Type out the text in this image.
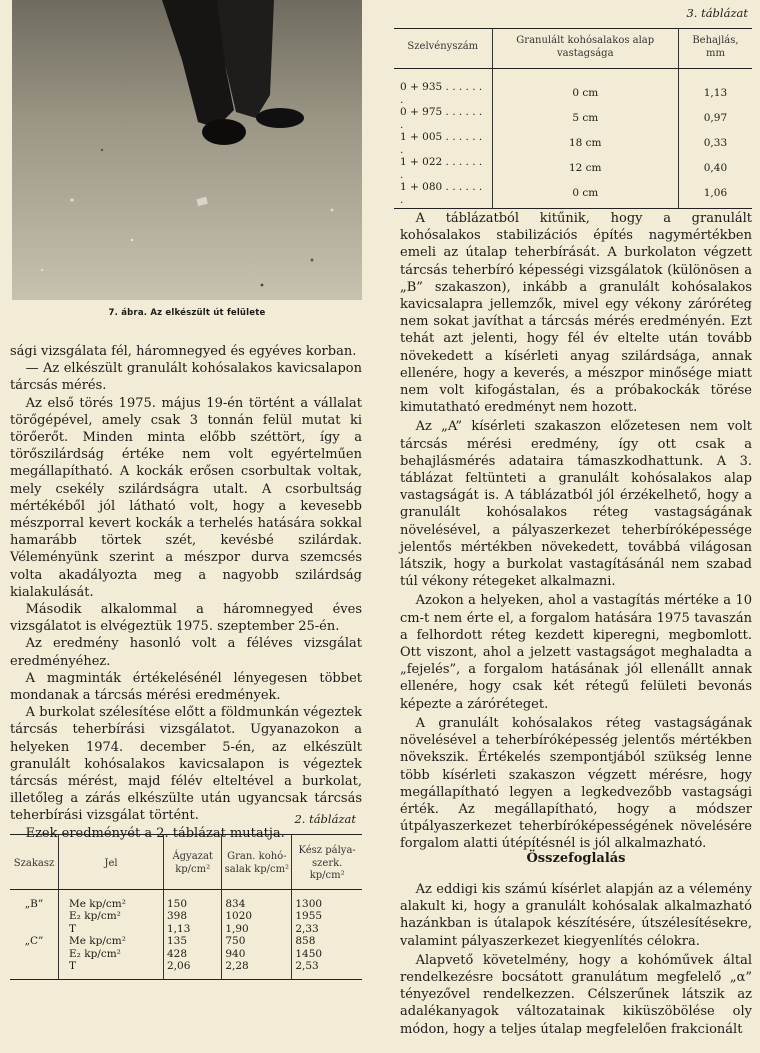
7. ábra. Az elkészült út felülete

sági vizsgálata fél, háromnegyed és egyéves korban.

— Az elkészült granulált kohósalakos kavicsalapon tárcsás mérés.

Az első törés 1975. május 19-én történt a vállalat törőgépével, amely csak 3 tonnán felül mutat ki törőerőt. Minden minta előbb széttört, így a törőszilárdság értéke nem volt egyértelműen megállapítható. A kockák erősen csorbultak voltak, mely csekély szilárdságra utalt. A csorbultság mértékéből jól látható volt, hogy a kevesebb mészporral kevert kockák a terhelés hatására sokkal hamarább törtek szét, kevésbé szilárdak. Véleményünk szerint a mészpor durva szemcsés volta akadályozta meg a nagyobb szilárdság kialakulását.

Második alkalommal a háromnegyed éves vizsgálatot is elvégeztük 1975. szeptember 25-én.

Az eredmény hasonló volt a féléves vizsgálat eredményéhez.

A magminták értékelésénél lényegesen többet mondanak a tárcsás mérési eredmények.

A burkolat szélesítése előtt a földmunkán végeztek tárcsás teherbírási vizsgálatot. Ugyanazokon a helyeken 1974. december 5-én, az elkészült granulált kohósalakos kavicsalapon is végeztek tárcsás mérést, majd félév elteltével a burkolat, illetőleg a zárás elkészülte után ugyancsak tárcsás teherbírási vizsgálat történt.

Ezek eredményét a 2. táblázat mutatja.

2. táblázat
Szakasz	Jel	Ágyazat kp/cm²	Gran. kohó-salak kp/cm²	Kész pálya-szerk. kp/cm²
„B”	Me kp/cm²	150	834	1300
	E₂ kp/cm²	398	1020	1955
	T	1,13	1,90	2,33
„C”	Me kp/cm²	135	750	858
	E₂ kp/cm²	428	940	1450
	T	2,06	2,28	2,53
3. táblázat
Szelvényszám	Granulált kohósalakos alap vastagsága	Behajlás, mm
0 + 935 . . . . . . .	0 cm	1,13
0 + 975 . . . . . . .	5 cm	0,97
1 + 005 . . . . . . .	18 cm	0,33
1 + 022 . . . . . . .	12 cm	0,40
1 + 080 . . . . . . .	0 cm	1,06

A táblázatból kitűnik, hogy a granulált kohósalakos stabilizációs építés nagymértékben emeli az útalap teherbírását. A burkolaton végzett tárcsás teherbíró képességi vizsgálatok (különösen a „B” szakaszon), inkább a granulált kohósalakos kavicsalapra jellemzők, mivel egy vékony záróréteg nem sokat javíthat a tárcsás mérés eredményén. Ezt tehát azt jelenti, hogy fél év eltelte után tovább növekedett a kísérleti anyag szilárdsága, annak ellenére, hogy a keverés, a mészpor minősége miatt nem volt kifogástalan, és a próbakockák törése kimutatható eredményt nem hozott.

Az „A” kísérleti szakaszon előzetesen nem volt tárcsás mérési eredmény, így ott csak a behajlásmérés adataira támaszkodhattunk. A 3. táblázat feltünteti a granulált kohósalakos alap vastagságát is. A táblázatból jól érzékelhető, hogy a granulált kohósalakos réteg vastagságának növelésével, a pályaszerkezet teherbíróképessége jelentős mértékben növekedett, továbbá világosan látszik, hogy a burkolat vastagításánál nem szabad túl vékony rétegeket alkalmazni.

Azokon a helyeken, ahol a vastagítás mértéke a 10 cm-t nem érte el, a forgalom hatására 1975 tavaszán a felhordott réteg kezdett kiperegni, megbomlott. Ott viszont, ahol a jelzett vastagságot meghaladta a „fejelés”, a forgalom hatásának jól ellenállt annak ellenére, hogy csak két rétegű felületi bevonás képezte a záróréteget.

A granulált kohósalakos réteg vastagságának növelésével a teherbíróképesség jelentős mértékben növekszik. Értékelés szempontjából szükség lenne több kísérleti szakaszon végzett mérésre, hogy megállapítható legyen a legkedvezőbb vastagsági érték. Az megállapítható, hogy a módszer útpályaszerkezet teherbíróképességének növelésére forgalom alatti útépítésnél is jól alkalmazható.

Összefoglalás

Az eddigi kis számú kísérlet alapján az a vélemény alakult ki, hogy a granulált kohósalak alkalmazható hazánkban is útalapok készítésére, útszélesítésekre, valamint pályaszerkezet kiegyenlítés célokra.

Alapvető követelmény, hogy a kohóművek által rendelkezésre bocsátott granulátum megfelelő „α” tényezővel rendelkezzen. Célszerűnek látszik az adalékanyagok változatainak kiküszöbölése oly módon, hogy a teljes útalap megfelelően frakcionált
